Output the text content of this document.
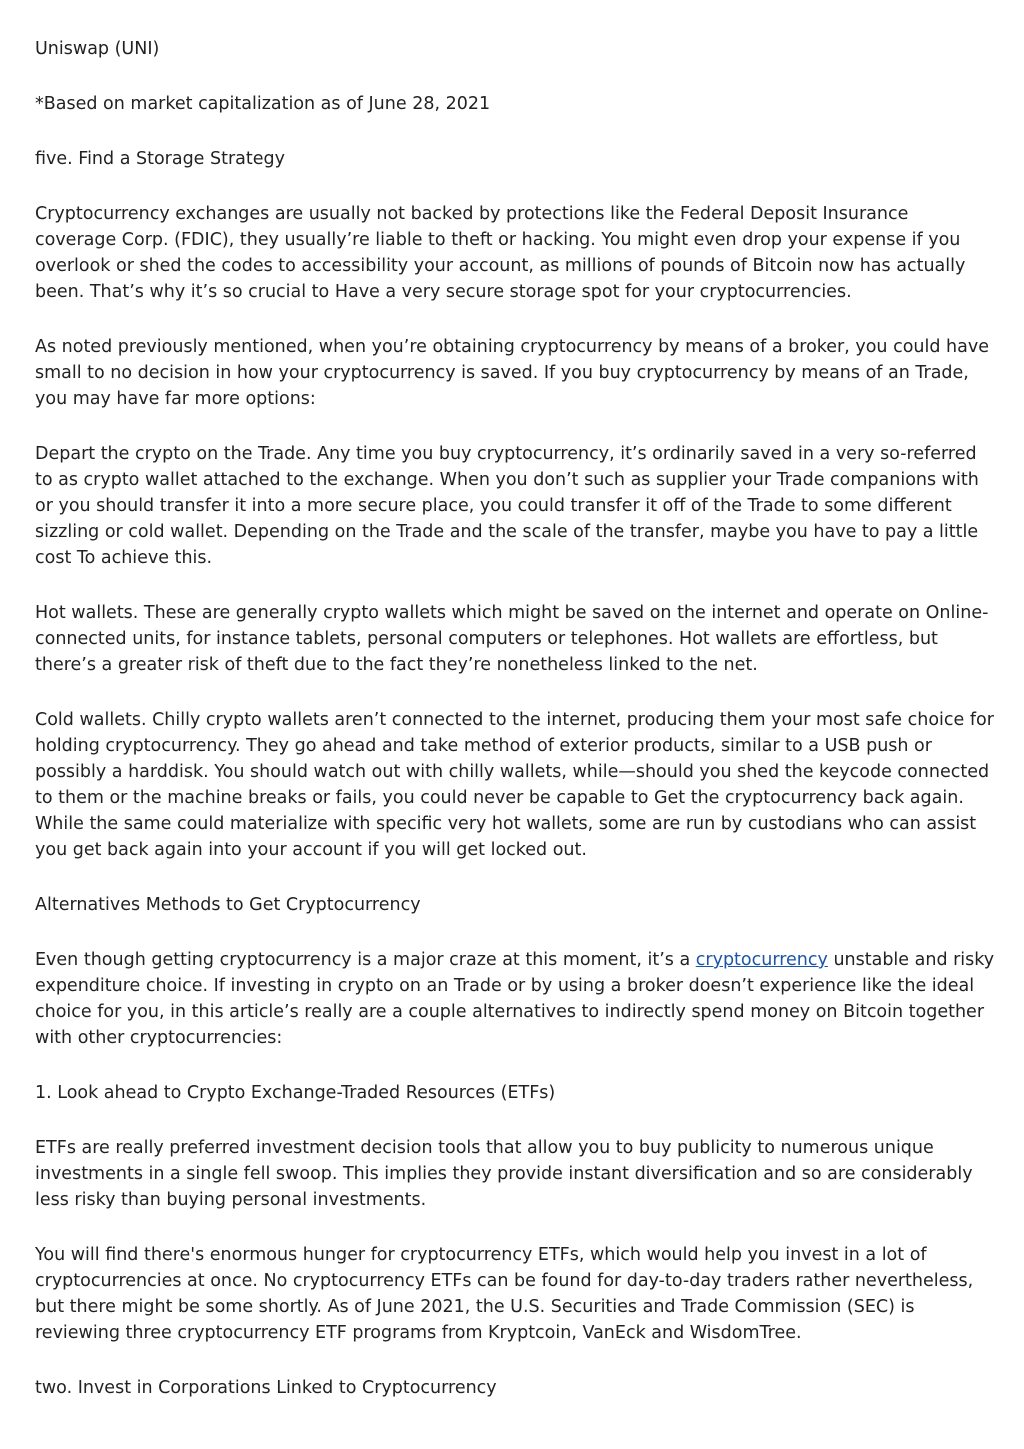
Uniswap (UNI)

*Based on market capitalization as of June 28, 2021

five. Find a Storage Strategy

Cryptocurrency exchanges are usually not backed by protections like the Federal Deposit Insurance coverage Corp. (FDIC), they usually’re liable to theft or hacking. You might even drop your expense if you overlook or shed the codes to accessibility your account, as millions of pounds of Bitcoin now has actually been. That’s why it’s so crucial to Have a very secure storage spot for your cryptocurrencies.

As noted previously mentioned, when you’re obtaining cryptocurrency by means of a broker, you could have small to no decision in how your cryptocurrency is saved. If you buy cryptocurrency by means of an Trade, you may have far more options:

Depart the crypto on the Trade. Any time you buy cryptocurrency, it’s ordinarily saved in a very so-referred to as crypto wallet attached to the exchange. When you don’t such as supplier your Trade companions with or you should transfer it into a more secure place, you could transfer it off of the Trade to some different sizzling or cold wallet. Depending on the Trade and the scale of the transfer, maybe you have to pay a little cost To achieve this.

Hot wallets. These are generally crypto wallets which might be saved on the internet and operate on Online-connected units, for instance tablets, personal computers or telephones. Hot wallets are effortless, but there’s a greater risk of theft due to the fact they’re nonetheless linked to the net.

Cold wallets. Chilly crypto wallets aren’t connected to the internet, producing them your most safe choice for holding cryptocurrency. They go ahead and take method of exterior products, similar to a USB push or possibly a harddisk. You should watch out with chilly wallets, while—should you shed the keycode connected to them or the machine breaks or fails, you could never be capable to Get the cryptocurrency back again. While the same could materialize with specific very hot wallets, some are run by custodians who can assist you get back again into your account if you will get locked out.

Alternatives Methods to Get Cryptocurrency

Even though getting cryptocurrency is a major craze at this moment, it’s a cryptocurrency unstable and risky expenditure choice. If investing in crypto on an Trade or by using a broker doesn’t experience like the ideal choice for you, in this article’s really are a couple alternatives to indirectly spend money on Bitcoin together with other cryptocurrencies:

1. Look ahead to Crypto Exchange-Traded Resources (ETFs)

ETFs are really preferred investment decision tools that allow you to buy publicity to numerous unique investments in a single fell swoop. This implies they provide instant diversification and so are considerably less risky than buying personal investments.

You will find there's enormous hunger for cryptocurrency ETFs, which would help you invest in a lot of cryptocurrencies at once. No cryptocurrency ETFs can be found for day-to-day traders rather nevertheless, but there might be some shortly. As of June 2021, the U.S. Securities and Trade Commission (SEC) is reviewing three cryptocurrency ETF programs from Kryptcoin, VanEck and WisdomTree.

two. Invest in Corporations Linked to Cryptocurrency
